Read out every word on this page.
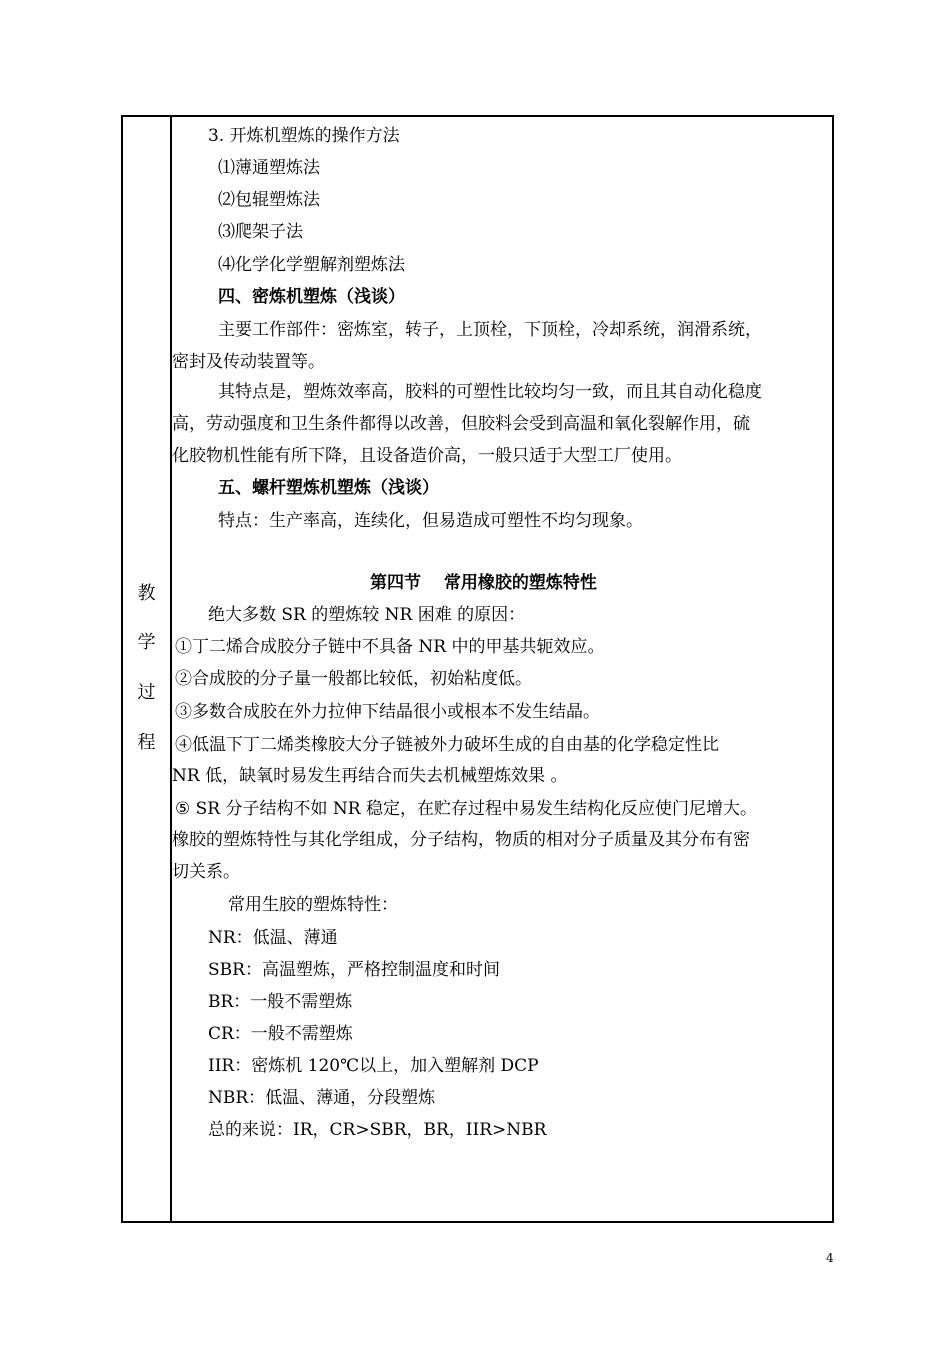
教
学
过
程
3. 开炼机塑炼的操作方法
⑴薄通塑炼法
⑵包辊塑炼法
⑶爬架子法
⑷化学化学塑解剂塑炼法
四、密炼机塑炼（浅谈）
主要工作部件：密炼室，转子，上顶栓，下顶栓，冷却系统，润滑系统，
密封及传动装置等。
其特点是，塑炼效率高，胶料的可塑性比较均匀一致，而且其自动化稳度
高，劳动强度和卫生条件都得以改善，但胶料会受到高温和氧化裂解作用，硫
化胶物机性能有所下降，且设备造价高，一般只适于大型工厂使用。
五、螺杆塑炼机塑炼（浅谈）
特点：生产率高，连续化，但易造成可塑性不均匀现象。
第四节　 常用橡胶的塑炼特性
绝大多数 SR 的塑炼较 NR 困难 的原因：
①丁二烯合成胶分子链中不具备 NR 中的甲基共轭效应。
②合成胶的分子量一般都比较低，初始粘度低。
③多数合成胶在外力拉伸下结晶很小或根本不发生结晶。
④低温下丁二烯类橡胶大分子链被外力破坏生成的自由基的化学稳定性比
NR 低，缺氧时易发生再结合而失去机械塑炼效果 。
⑤ SR 分子结构不如 NR 稳定，在贮存过程中易发生结构化反应使门尼增大。
橡胶的塑炼特性与其化学组成，分子结构，物质的相对分子质量及其分布有密
切关系。
常用生胶的塑炼特性：
NR：低温、薄通
SBR：高温塑炼，严格控制温度和时间
BR：一般不需塑炼
CR：一般不需塑炼
IIR：密炼机 120℃以上，加入塑解剂 DCP
NBR：低温、薄通，分段塑炼
总的来说：IR，CR>SBR，BR，IIR>NBR
4
